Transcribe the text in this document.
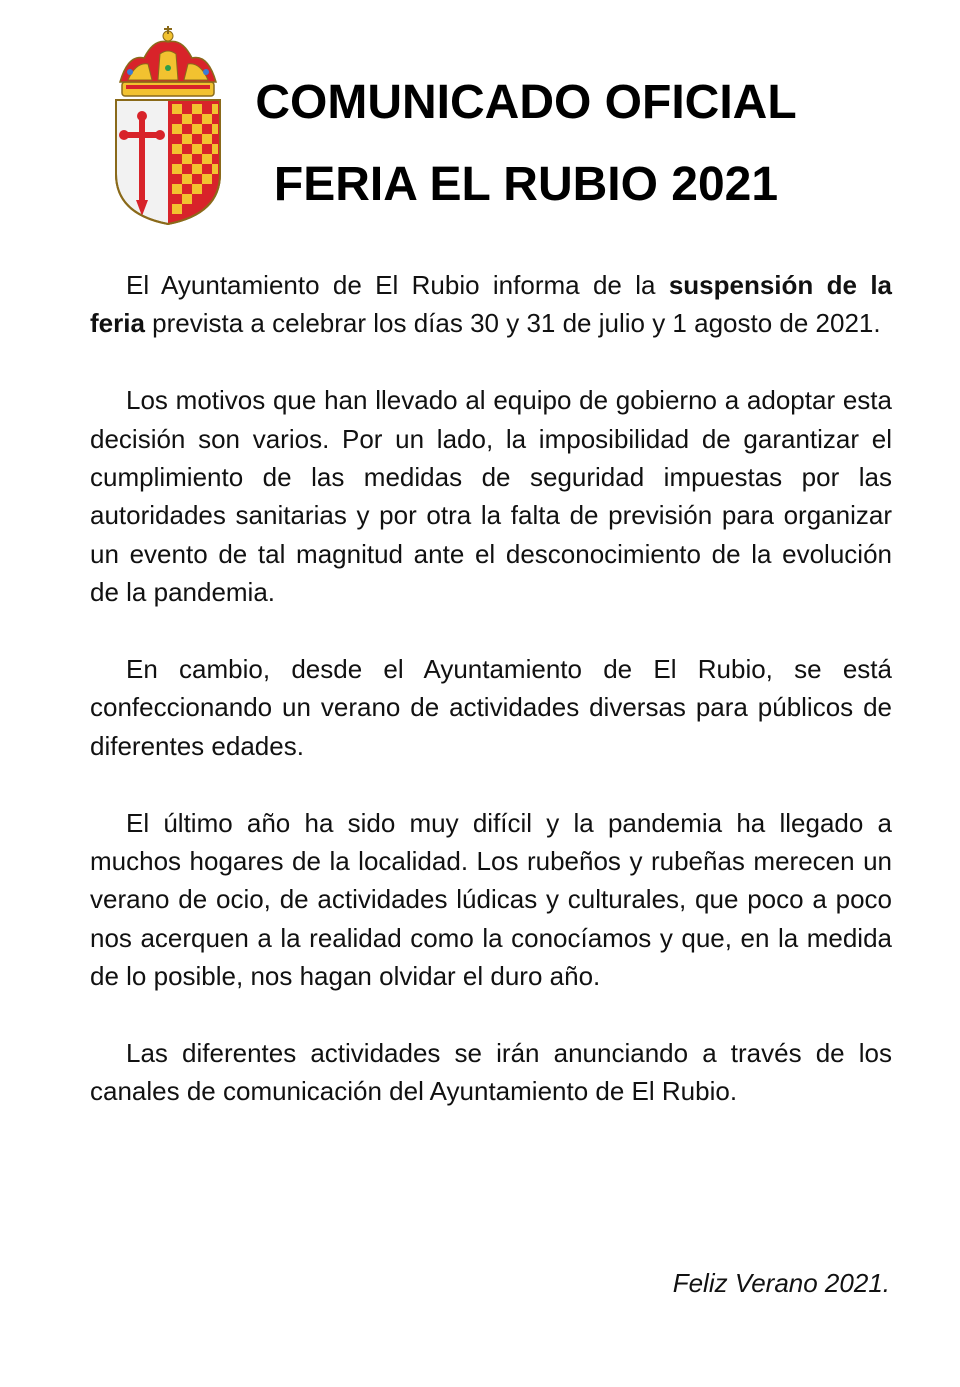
COMUNICADO OFICIAL
FERIA EL RUBIO 2021

El Ayuntamiento de El Rubio informa de la suspensión de la feria prevista a celebrar los días 30 y 31 de julio y 1 agosto de 2021.

Los motivos que han llevado al equipo de gobierno a adoptar esta decisión son varios. Por un lado, la imposibilidad de garantizar el cumplimiento de las medidas de seguridad impuestas por las autoridades sanitarias y por otra la falta de previsión para organizar un evento de tal magnitud ante el desconocimiento de la evolución de la pandemia.

En cambio, desde el Ayuntamiento de El Rubio, se está confeccionando un verano de actividades diversas para públicos de diferentes edades.

El último año ha sido muy difícil y la pandemia ha llegado a muchos hogares de la localidad. Los rubeños y rubeñas merecen un verano de ocio, de actividades lúdicas y culturales, que poco a poco nos acerquen a la realidad como la conocíamos y que, en la medida de lo posible, nos hagan olvidar el duro año.

Las diferentes actividades se irán anunciando a través de los canales de comunicación del Ayuntamiento de El Rubio.

Feliz Verano 2021.
